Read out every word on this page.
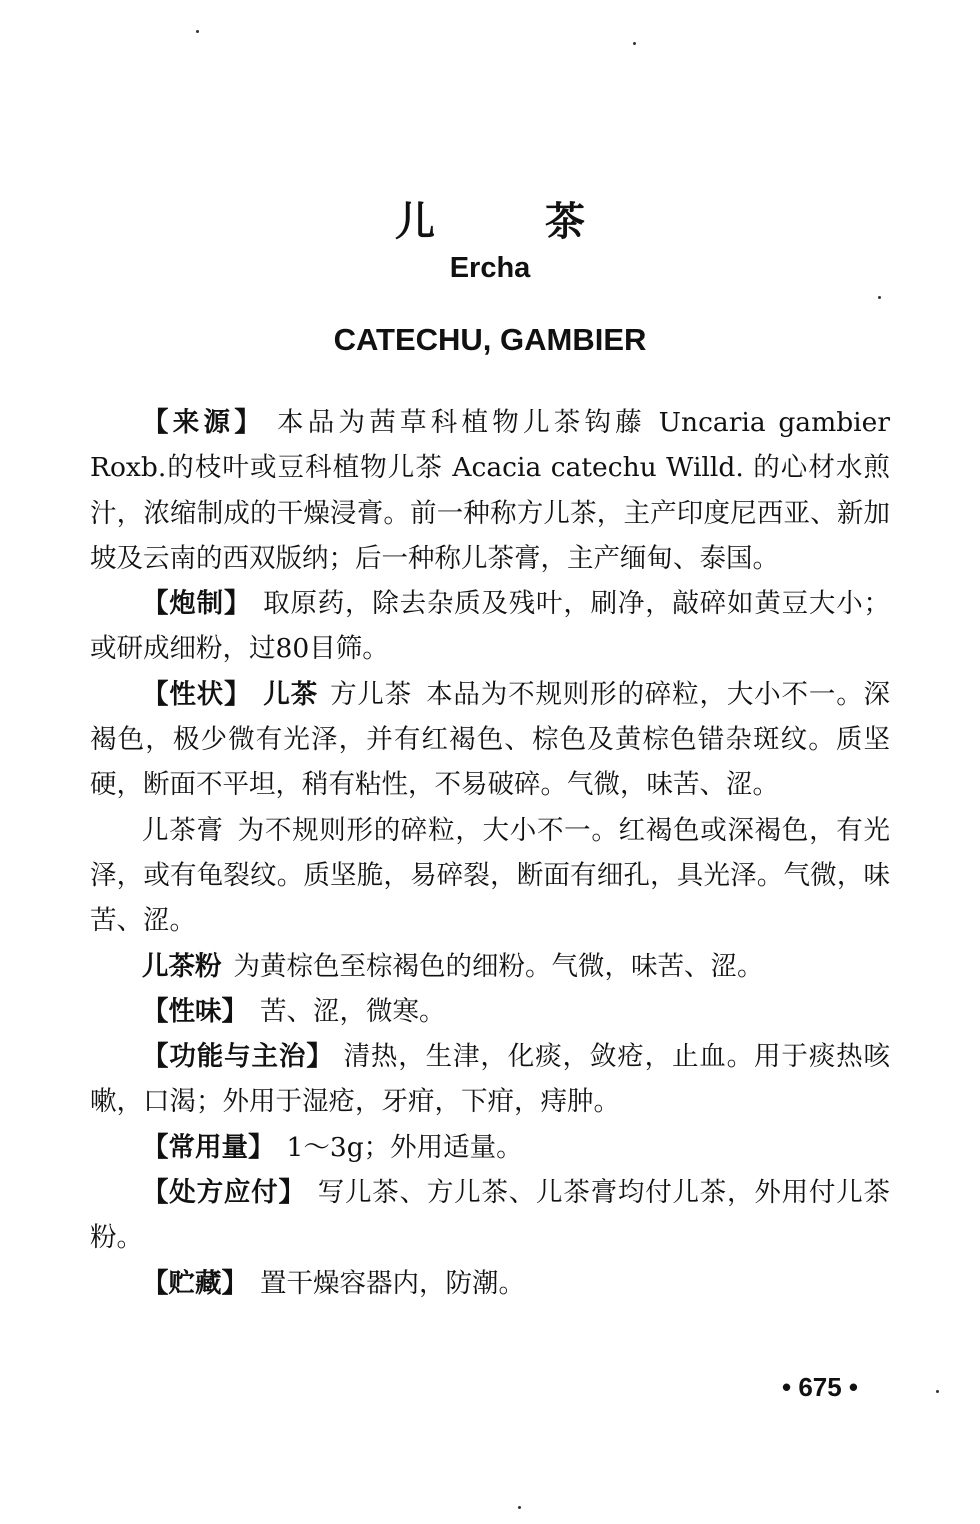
儿	茶
Ercha
CATECHU, GAMBIER

【来源】 本品为茜草科植物儿茶钩藤 Uncaria gambier Roxb.的枝叶或豆科植物儿茶 Acacia catechu Willd. 的心材水煎汁，浓缩制成的干燥浸膏。前一种称方儿茶，主产印度尼西亚、新加坡及云南的西双版纳；后一种称儿茶膏，主产缅甸、泰国。

【炮制】 取原药，除去杂质及残叶，刷净，敲碎如黄豆大小；或研成细粉，过80目筛。

【性状】 儿茶 方儿茶 本品为不规则形的碎粒，大小不一。深褐色，极少微有光泽，并有红褐色、棕色及黄棕色错杂斑纹。质坚硬，断面不平坦，稍有粘性，不易破碎。气微，味苦、涩。

儿茶膏 为不规则形的碎粒，大小不一。红褐色或深褐色，有光泽，或有龟裂纹。质坚脆，易碎裂，断面有细孔，具光泽。气微，味苦、涩。

儿茶粉 为黄棕色至棕褐色的细粉。气微，味苦、涩。

【性味】 苦、涩，微寒。

【功能与主治】 清热，生津，化痰，敛疮，止血。用于痰热咳嗽，口渴；外用于湿疮，牙疳，下疳，痔肿。

【常用量】 1～3g；外用适量。

【处方应付】 写儿茶、方儿茶、儿茶膏均付儿茶，外用付儿茶粉。

【贮藏】 置干燥容器内，防潮。

• 675 •
